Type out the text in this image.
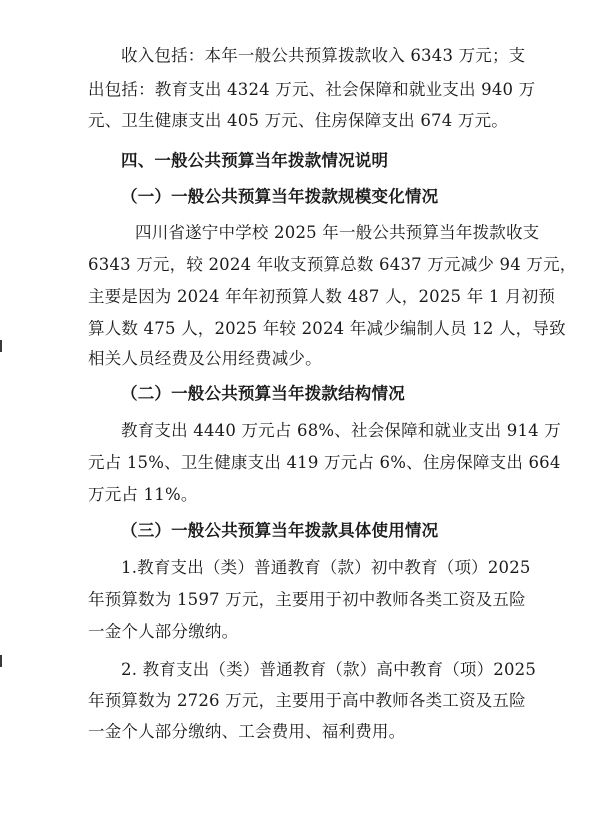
收入包括：本年一般公共预算拨款收入 6343 万元；支
出包括：教育支出 4324 万元、社会保障和就业支出 940 万
元、卫生健康支出 405 万元、住房保障支出 674 万元。
四、一般公共预算当年拨款情况说明
（一）一般公共预算当年拨款规模变化情况
四川省遂宁中学校 2025 年一般公共预算当年拨款收支
6343 万元，较 2024 年收支预算总数 6437 万元减少 94 万元，
主要是因为 2024 年年初预算人数 487 人，2025 年 1 月初预
算人数 475 人，2025 年较 2024 年减少编制人员 12 人，导致
相关人员经费及公用经费减少。
（二）一般公共预算当年拨款结构情况
教育支出 4440 万元占 68%、社会保障和就业支出 914 万
元占 15%、卫生健康支出 419 万元占 6%、住房保障支出 664
万元占 11%。
（三）一般公共预算当年拨款具体使用情况
1.教育支出（类）普通教育（款）初中教育（项）2025
年预算数为 1597 万元，主要用于初中教师各类工资及五险
一金个人部分缴纳。
2. 教育支出（类）普通教育（款）高中教育（项）2025
年预算数为 2726 万元，主要用于高中教师各类工资及五险
一金个人部分缴纳、工会费用、福利费用。
